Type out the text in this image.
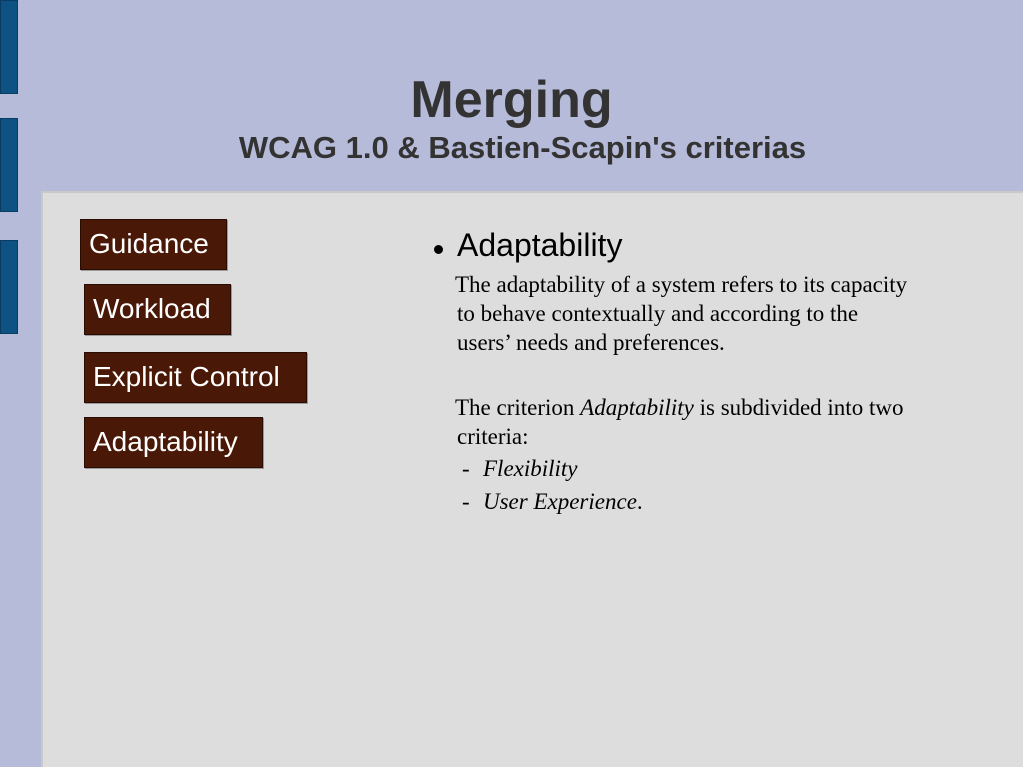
Merging
WCAG 1.0 & Bastien-Scapin's criterias
Guidance
Workload
Explicit Control
Adaptability
Adaptability
The adaptability of a system refers to its capacity
to behave contextually and according to the
users’ needs and preferences.
The criterion Adaptability is subdivided into two
criteria:
- Flexibility
- User Experience.
